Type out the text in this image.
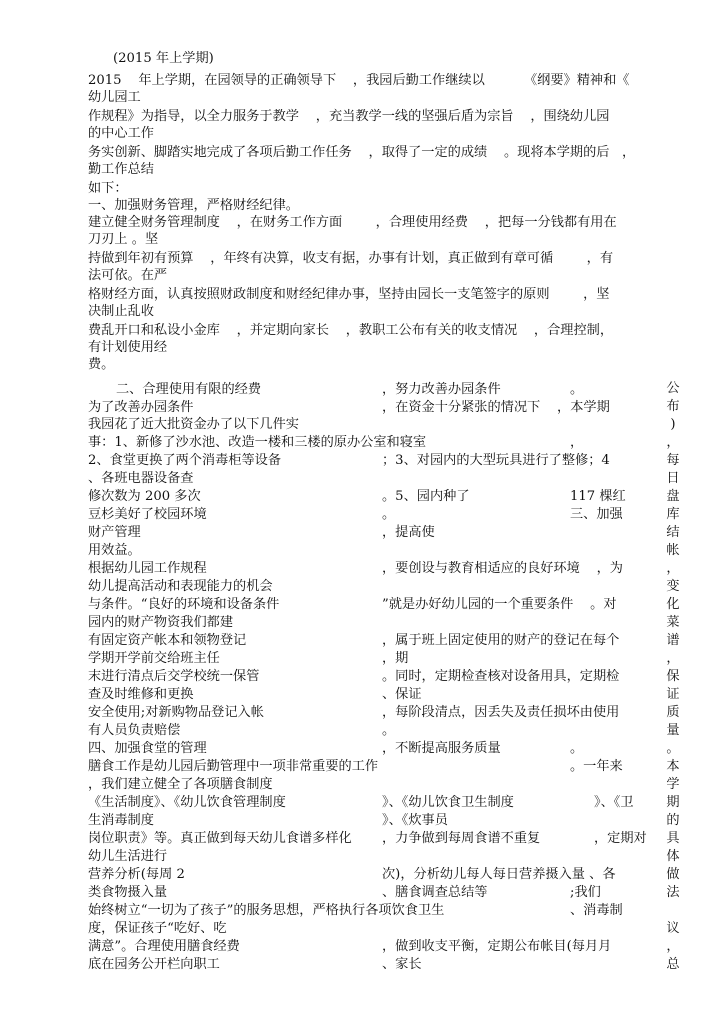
(2015 年上学期)
2015    年上学期，在园领导的正确领导下    ，我园后勤工作继续以	《纲要》精神和《
幼儿园工
作规程》为指导，以全力服务于教学    ，充当教学一线的坚强后盾为宗旨    ，围绕幼儿园
的中心工作
务实创新、脚踏实地完成了各项后勤工作任务    ，取得了一定的成绩    。现将本学期的后   ，
勤工作总结
如下：
一、加强财务管理，严格财经纪律。
建立健全财务管理制度    ，在财务工作方面        ，合理使用经费    ，把每一分钱都有用在
刀刃上 。坚
持做到年初有预算    ，年终有决算，收支有据，办事有计划，真正做到有章可循        ，有
法可依。在严
格财经方面，认真按照财政制度和财经纪律办事，坚持由园长一支笔签字的原则        ，坚
决制止乱收
费乱开口和私设小金库    ，并定期向家长    ，教职工公布有关的收支情况    ，合理控制，
有计划使用经
费。
二、合理使用有限的经费	，努力改善办园条件	。
为了改善办园条件	，在资金十分紧张的情况下    ，本学期
我园花了近大批资金办了以下几件实
事：1、新修了沙水池、改造一楼和三楼的原办公室和寝室	，
2、食堂更换了两个消毒柜等设备	；3、对园内的大型玩具进行了整修；4
、各班电器设备查
修次数为 200 多次	。5、园内种了	117 棵红
豆杉美好了校园环境	。	三、加强
财产管理	，提高使
用效益。
根据幼儿园工作规程	，要创设与教育相适应的良好环境    ，为
幼儿提高活动和表现能力的机会
与条件。“良好的环境和设备条件	”就是办好幼儿园的一个重要条件    。对
园内的财产物资我们都建
有固定资产帐本和领物登记	，属于班上固定使用的财产的登记在每个
学期开学前交给班主任	，期
末进行清点后交学校统一保管	。同时，定期检查核对设备用具，定期检
查及时维修和更换	、保证
安全使用;对新购物品登记入帐	，每阶段清点，因丢失及责任损坏由使用
有人员负责赔偿	。
四、加强食堂的管理	，不断提高服务质量	。
膳食工作是幼儿园后勤管理中一项非常重要的工作	。一年来
，我们建立健全了各项膳食制度
《生活制度》、《幼儿饮食管理制度	》、《幼儿饮食卫生制度	》、《卫
生消毒制度	》、《炊事员
岗位职责》等。真正做到每天幼儿食谱多样化 ，力争做到每周食谱不重复	，定期对
幼儿生活进行
营养分析(每周 2	次)，分析幼儿每人每日营养摄入量 、各
类食物摄入量	、膳食调查总结等	;我们
始终树立“一切为了孩子”的服务思想，严格执行各项饮食卫生	、消毒制
度，保证孩子“吃好、吃
满意”。合理使用膳食经费	，做到收支平衡，定期公布帐目(每月月
底在园务公开栏向职工	、家长
公
布
)
，
每
日
盘
库
结
帐
，
变
化
菜
谱
，
保
证
质
量
。
本
学
期
的
具
体
做
法
议
，
总
